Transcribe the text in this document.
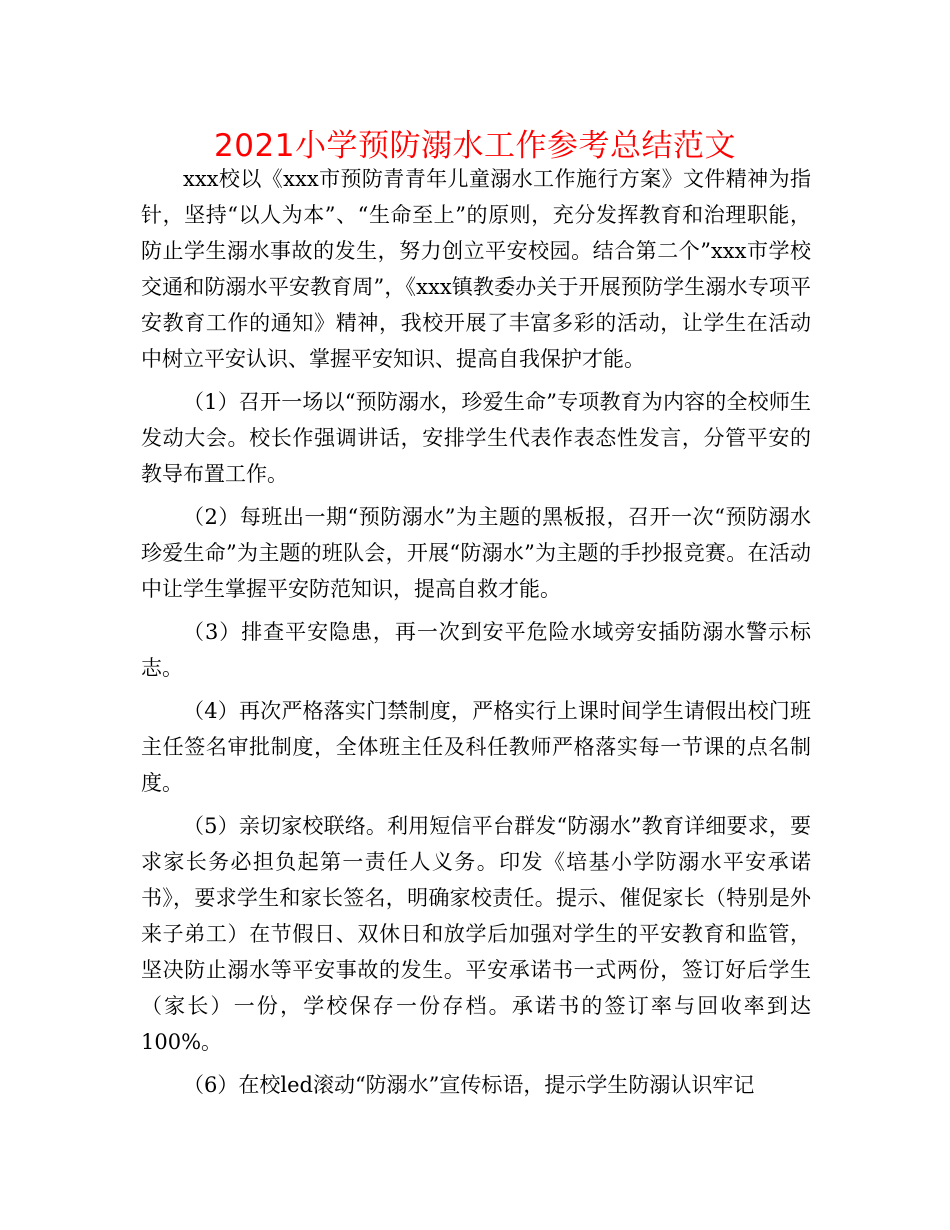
2021小学预防溺水工作参考总结范文

xxx校以《xxx市预防青青年儿童溺水工作施行方案》文件精神为指针，坚持“以人为本”、“生命至上”的原则，充分发挥教育和治理职能，防止学生溺水事故的发生，努力创立平安校园。结合第二个”xxx市学校交通和防溺水平安教育周”，《xxx镇教委办关于开展预防学生溺水专项平安教育工作的通知》精神，我校开展了丰富多彩的活动，让学生在活动中树立平安认识、掌握平安知识、提高自我保护才能。

（1）召开一场以“预防溺水，珍爱生命”专项教育为内容的全校师生发动大会。校长作强调讲话，安排学生代表作表态性发言，分管平安的教导布置工作。

（2）每班出一期“预防溺水”为主题的黑板报，召开一次“预防溺水珍爱生命”为主题的班队会，开展“防溺水”为主题的手抄报竞赛。在活动中让学生掌握平安防范知识，提高自救才能。

（3）排查平安隐患，再一次到安平危险水域旁安插防溺水警示标志。

（4）再次严格落实门禁制度，严格实行上课时间学生请假出校门班主任签名审批制度，全体班主任及科任教师严格落实每一节课的点名制度。

（5）亲切家校联络。利用短信平台群发“防溺水”教育详细要求，要求家长务必担负起第一责任人义务。印发《培基小学防溺水平安承诺书》，要求学生和家长签名，明确家校责任。提示、催促家长（特别是外来子弟工）在节假日、双休日和放学后加强对学生的平安教育和监管，坚决防止溺水等平安事故的发生。平安承诺书一式两份，签订好后学生（家长）一份，学校保存一份存档。承诺书的签订率与回收率到达100%。

（6）在校led滚动“防溺水”宣传标语，提示学生防溺认识牢记
